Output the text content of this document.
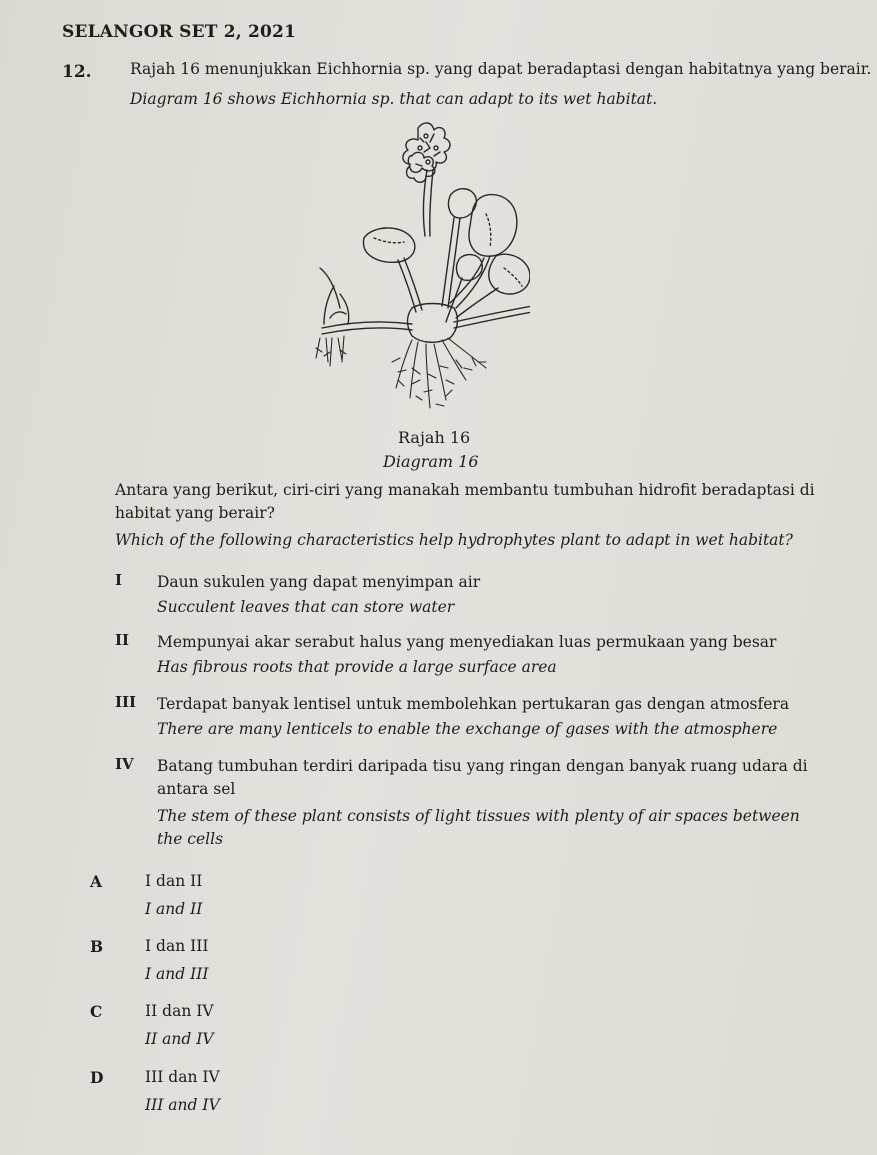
SELANGOR SET 2, 2021
12. Rajah 16 menunjukkan Eichhornia sp. yang dapat beradaptasi dengan habitatnya yang berair.
Diagram 16 shows Eichhornia sp. that can adapt to its wet habitat.
Rajah 16
Diagram 16
Antara yang berikut, ciri-ciri yang manakah membantu tumbuhan hidrofit beradaptasi di habitat yang berair?
Which of the following characteristics help hydrophytes plant to adapt in wet habitat?
I Daun sukulen yang dapat menyimpan air
Succulent leaves that can store water
II Mempunyai akar serabut halus yang menyediakan luas permukaan yang besar
Has fibrous roots that provide a large surface area
III Terdapat banyak lentisel untuk membolehkan pertukaran gas dengan atmosfera
There are many lenticels to enable the exchange of gases with the atmosphere
IV Batang tumbuhan terdiri daripada tisu yang ringan dengan banyak ruang udara di antara sel
The stem of these plant consists of light tissues with plenty of air spaces between the cells
A	I dan II
I and II
B	I dan III
I and III
C	II dan IV
II and IV
D	III dan IV
III and IV
